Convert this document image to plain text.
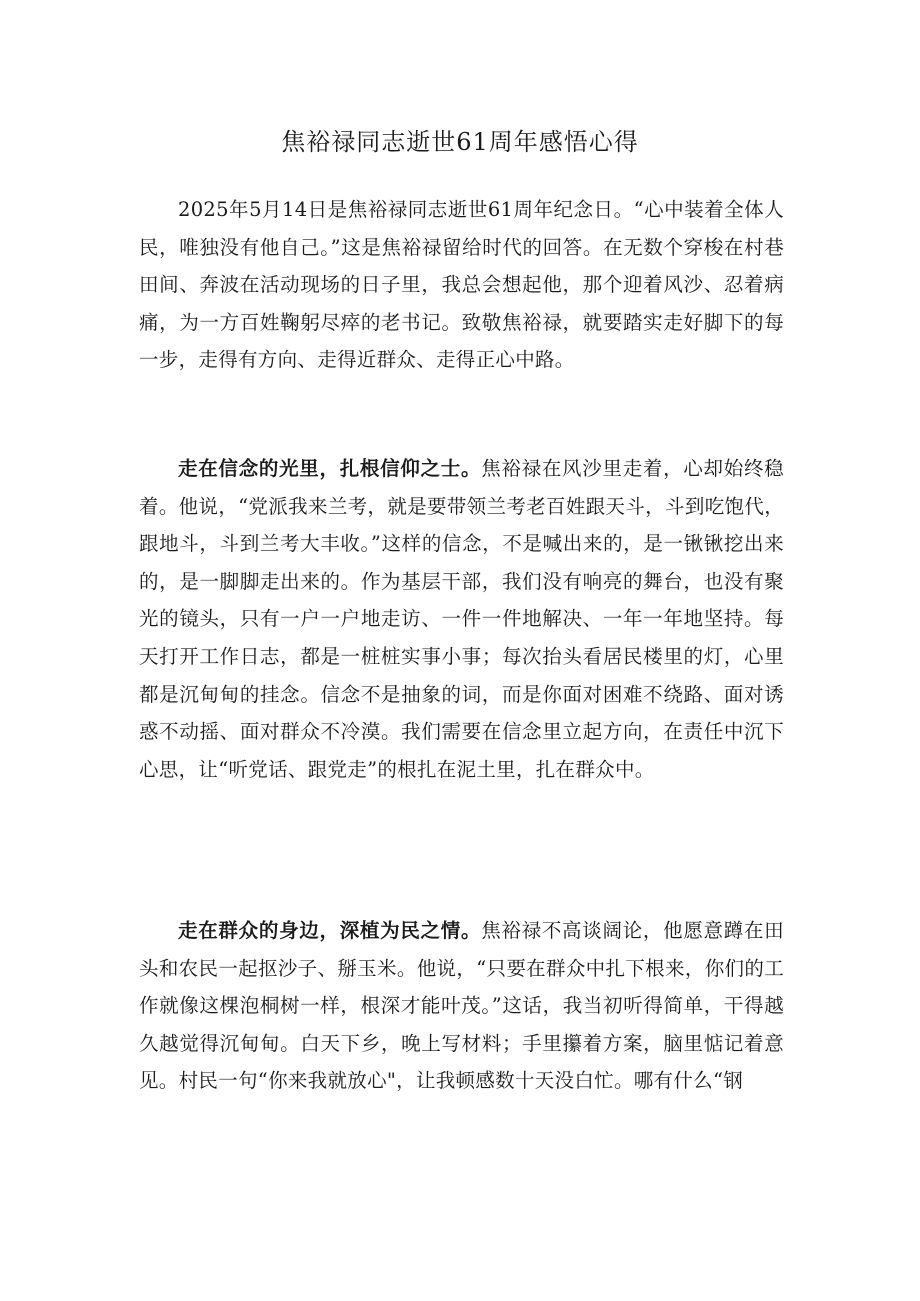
焦裕禄同志逝世61周年感悟心得

2025年5月14日是焦裕禄同志逝世61周年纪念日。“心中装着全体人民，唯独没有他自己。”这是焦裕禄留给时代的回答。在无数个穿梭在村巷田间、奔波在活动现场的日子里，我总会想起他，那个迎着风沙、忍着病痛，为一方百姓鞠躬尽瘁的老书记。致敬焦裕禄，就要踏实走好脚下的每一步，走得有方向、走得近群众、走得正心中路。

走在信念的光里，扎根信仰之士。焦裕禄在风沙里走着，心却始终稳着。他说，“党派我来兰考，就是要带领兰考老百姓跟天斗，斗到吃饱代，跟地斗，斗到兰考大丰收。”这样的信念，不是喊出来的，是一锹锹挖出来的，是一脚脚走出来的。作为基层干部，我们没有响亮的舞台，也没有聚光的镜头，只有一户一户地走访、一件一件地解决、一年一年地坚持。每天打开工作日志，都是一桩桩实事小事；每次抬头看居民楼里的灯，心里都是沉甸甸的挂念。信念不是抽象的词，而是你面对困难不绕路、面对诱惑不动摇、面对群众不冷漠。我们需要在信念里立起方向，在责任中沉下心思，让“听党话、跟党走”的根扎在泥土里，扎在群众中。

走在群众的身边，深植为民之情。焦裕禄不高谈阔论，他愿意蹲在田头和农民一起抠沙子、掰玉米。他说，“只要在群众中扎下根来，你们的工作就像这棵泡桐树一样，根深才能叶茂。”这话，我当初听得简单，干得越久越觉得沉甸甸。白天下乡，晚上写材料；手里攥着方案，脑里惦记着意见。村民一句“你来我就放心"，让我顿感数十天没白忙。哪有什么“钢
